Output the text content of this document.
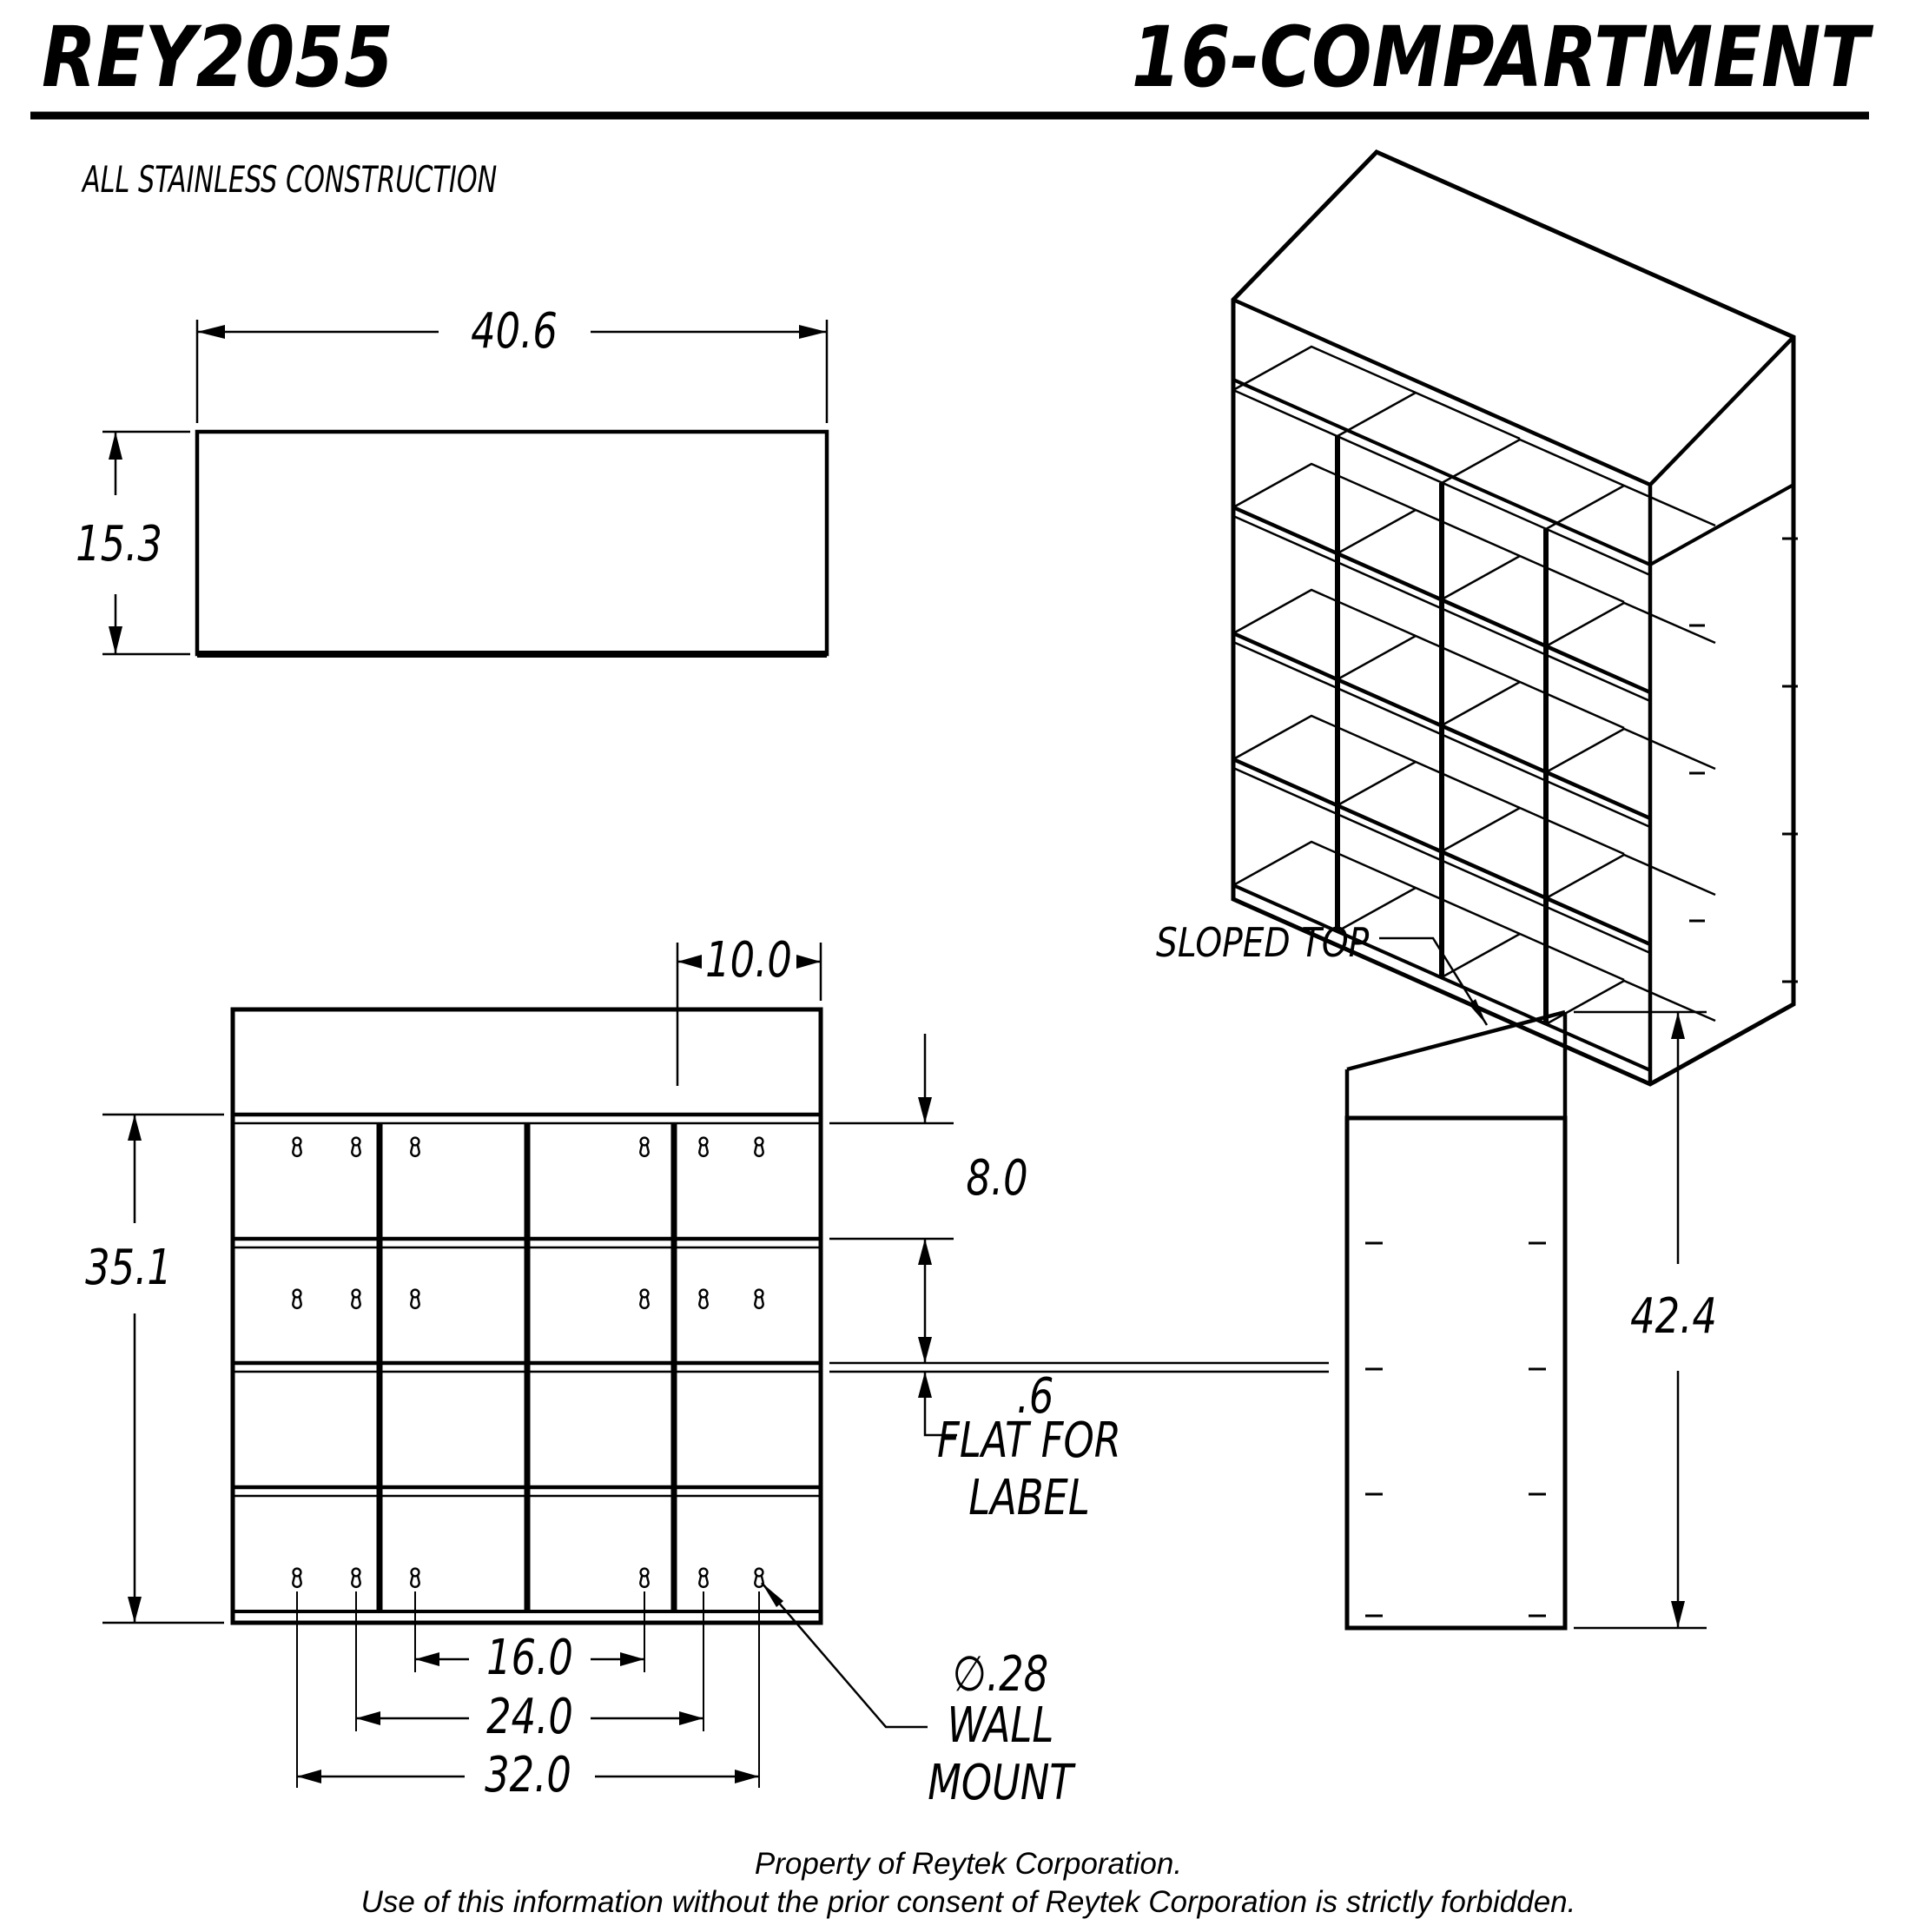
REY2055	16-COMPARTMENT
ALL STAINLESS CONSTRUCTION
40.6
15.3
10.0
8.0
.6
FLAT FOR LABEL
35.1
16.0
24.0
32.0
∅.28
WALL MOUNT
42.4
SLOPED TOP
Property of Reytek Corporation.
Use of this information without the prior consent of Reytek Corporation is strictly forbidden.
